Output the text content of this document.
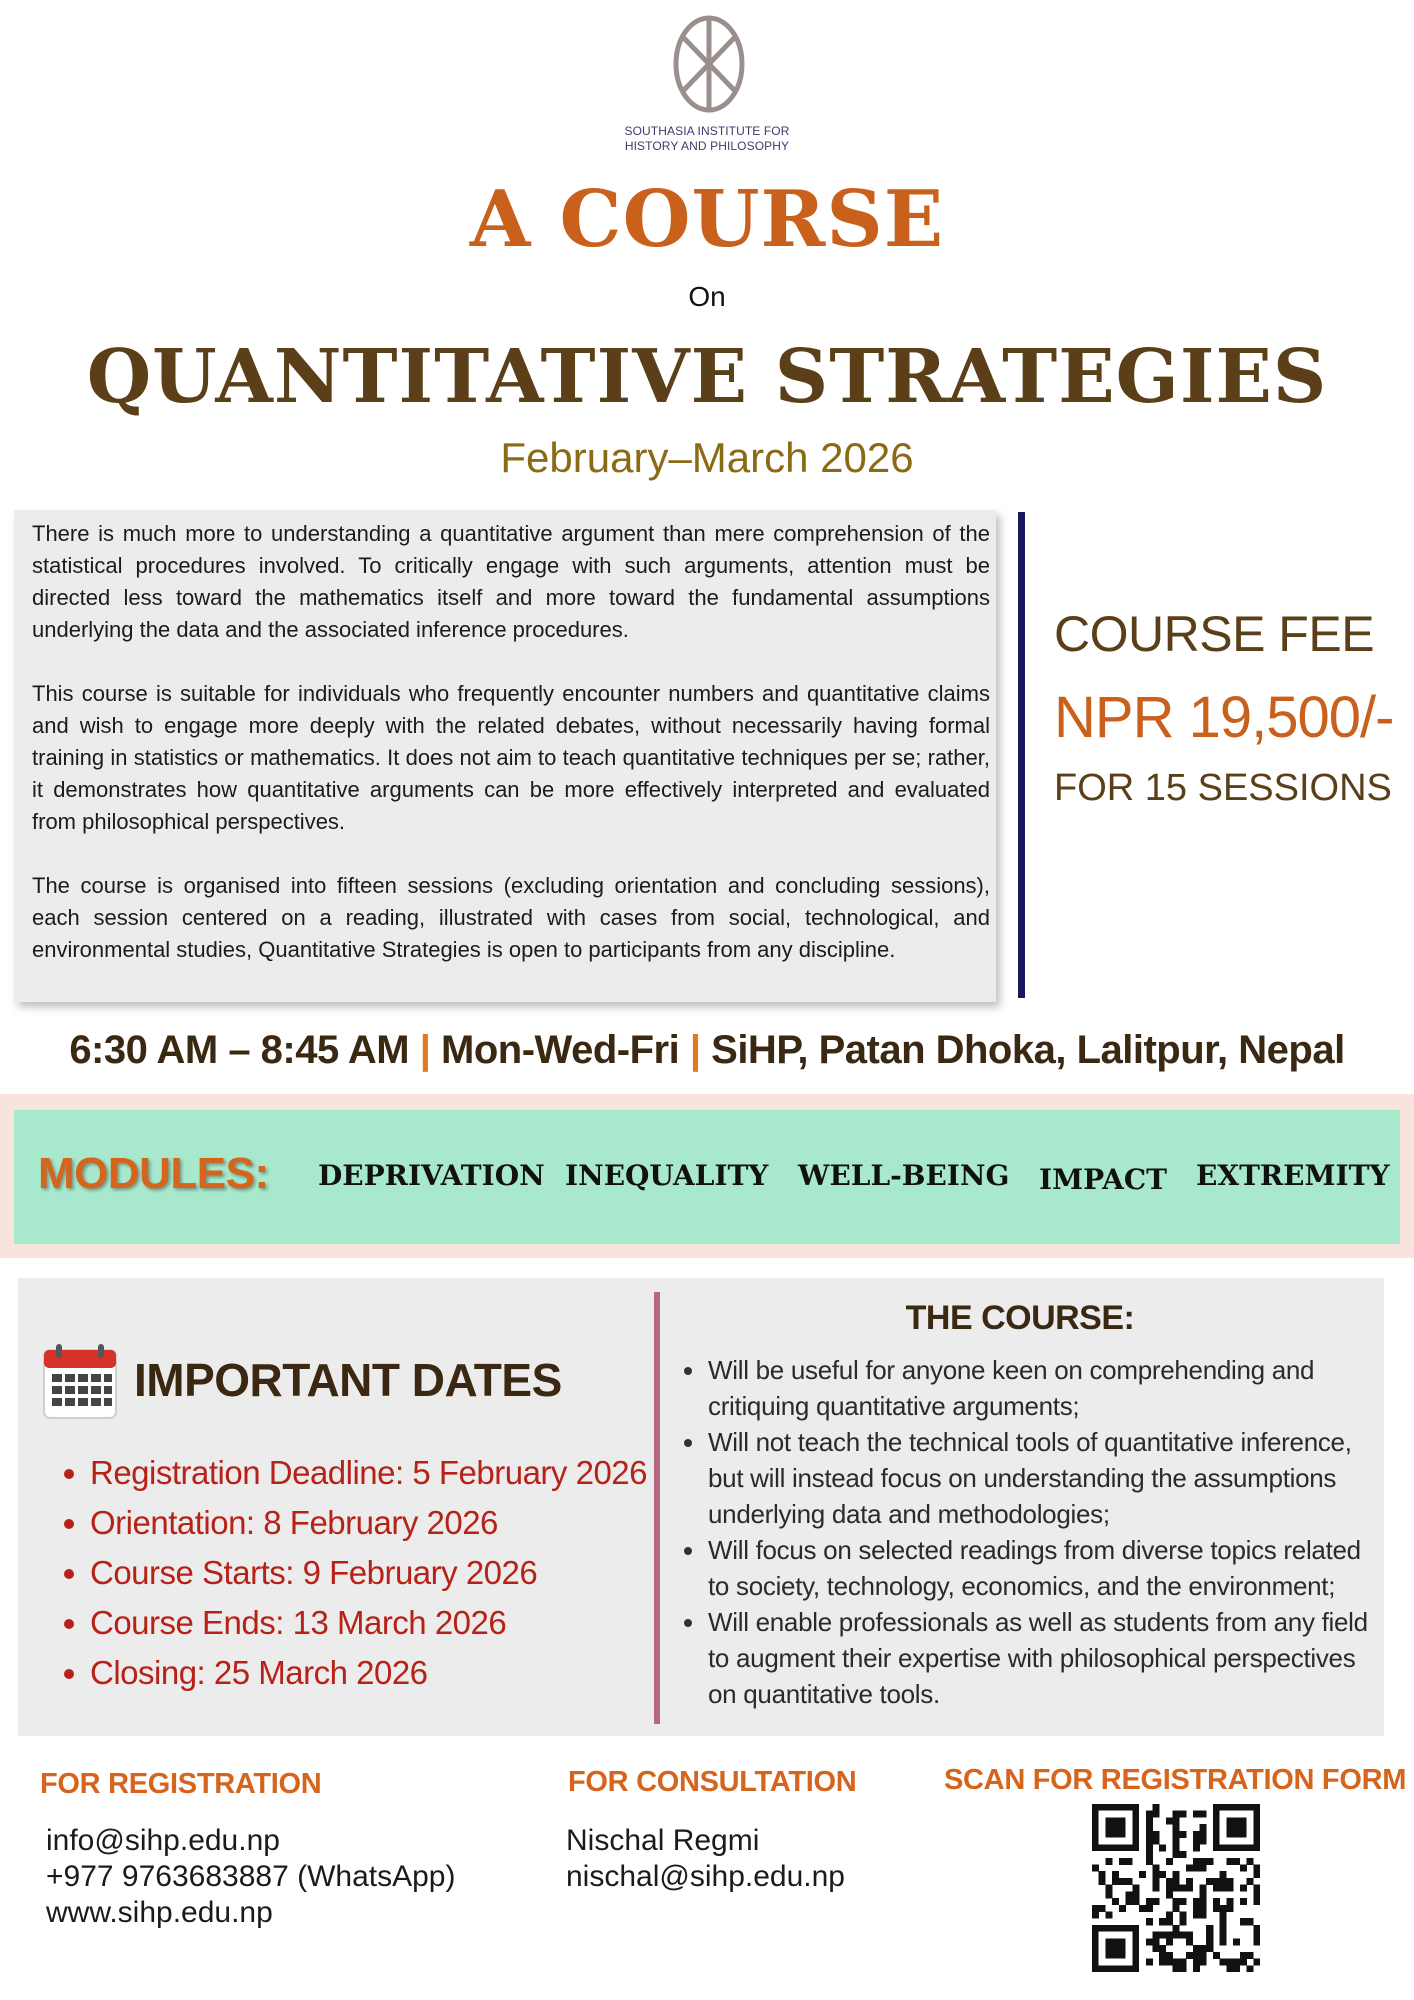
SOUTHASIA INSTITUTE FOR
HISTORY AND PHILOSOPHY
A COURSE
On
QUANTITATIVE STRATEGIES
February–March 2026

There is much more to understanding a quantitative argument than mere comprehension of the statistical procedures involved. To critically engage with such arguments, attention must be directed less toward the mathematics itself and more toward the fundamental assumptions underlying the data and the associated inference procedures.

This course is suitable for individuals who frequently encounter numbers and quantitative claims and wish to engage more deeply with the related debates, without necessarily having formal training in statistics or mathematics. It does not aim to teach quantitative techniques per se; rather, it demonstrates how quantitative arguments can be more effectively interpreted and evaluated from philosophical perspectives.

The course is organised into fifteen sessions (excluding orientation and concluding sessions), each session centered on a reading, illustrated with cases from social, technological, and environmental studies, Quantitative Strategies is open to participants from any discipline.

COURSE FEE
NPR 19,500/-
FOR 15 SESSIONS
6:30 AM – 8:45 AM | Mon-Wed-Fri | SiHP, Patan Dhoka, Lalitpur, Nepal
MODULES: DEPRIVATION INEQUALITY WELL-BEING IMPACT EXTREMITY
IMPORTANT DATES
Registration Deadline: 5 February 2026
Orientation: 8 February 2026
Course Starts: 9 February 2026
Course Ends: 13 March 2026
Closing: 25 March 2026
THE COURSE:
Will be useful for anyone keen on comprehending and critiquing quantitative arguments;
Will not teach the technical tools of quantitative inference, but will instead focus on understanding the assumptions underlying data and methodologies;
Will focus on selected readings from diverse topics related to society, technology, economics, and the environment;
Will enable professionals as well as students from any field to augment their expertise with philosophical perspectives on quantitative tools.
FOR REGISTRATION
info@sihp.edu.np
+977 9763683887 (WhatsApp)
www.sihp.edu.np
FOR CONSULTATION
Nischal Regmi
nischal@sihp.edu.np
SCAN FOR REGISTRATION FORM
